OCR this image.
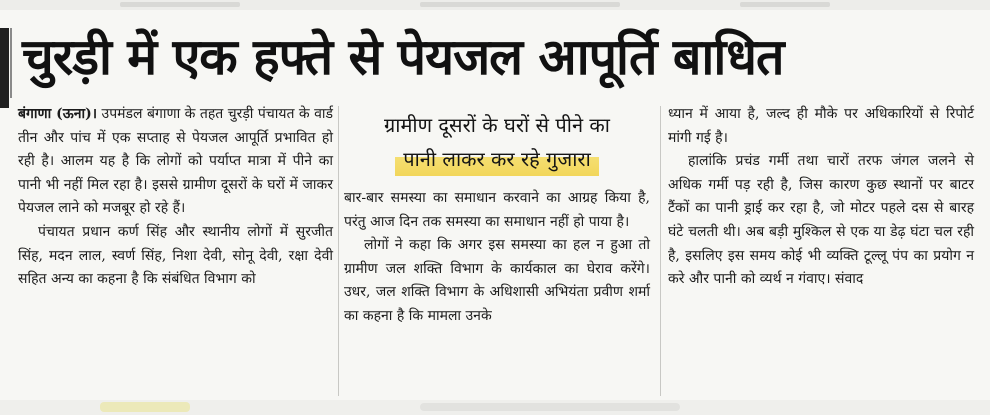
चुरड़ी में एक हफ्ते से पेयजल आपूर्ति बाधित

बंगाणा (ऊना)। उपमंडल बंगाणा के तहत चुरड़ी पंचायत के वार्ड तीन और पांच में एक सप्ताह से पेयजल आपूर्ति प्रभावित हो रही है। आलम यह है कि लोगों को पर्याप्त मात्रा में पीने का पानी भी नहीं मिल रहा है। इससे ग्रामीण दूसरों के घरों में जाकर पेयजल लाने को मजबूर हो रहे हैं।

पंचायत प्रधान कर्ण सिंह और स्थानीय लोगों में सुरजीत सिंह, मदन लाल, स्वर्ण सिंह, निशा देवी, सोनू देवी, रक्षा देवी सहित अन्य का कहना है कि संबंधित विभाग को

ग्रामीण दूसरों के घरों से पीने का
पानी लाकर कर रहे गुजारा

बार-बार समस्या का समाधान करवाने का आग्रह किया है, परंतु आज दिन तक समस्या का समाधान नहीं हो पाया है।

लोगों ने कहा कि अगर इस समस्या का हल न हुआ तो ग्रामीण जल शक्ति विभाग के कार्यकाल का घेराव करेंगे। उधर, जल शक्ति विभाग के अधिशासी अभियंता प्रवीण शर्मा का कहना है कि मामला उनके

ध्यान में आया है, जल्द ही मौके पर अधिकारियों से रिपोर्ट मांगी गई है।

हालांकि प्रचंड गर्मी तथा चारों तरफ जंगल जलने से अधिक गर्मी पड़ रही है, जिस कारण कुछ स्थानों पर बाटर टैंकों का पानी ड्राई कर रहा है, जो मोटर पहले दस से बारह घंटे चलती थी। अब बड़ी मुश्किल से एक या डेढ़ घंटा चल रही है, इसलिए इस समय कोई भी व्यक्ति टूल्लू पंप का प्रयोग न करे और पानी को व्यर्थ न गंवाए। संवाद
